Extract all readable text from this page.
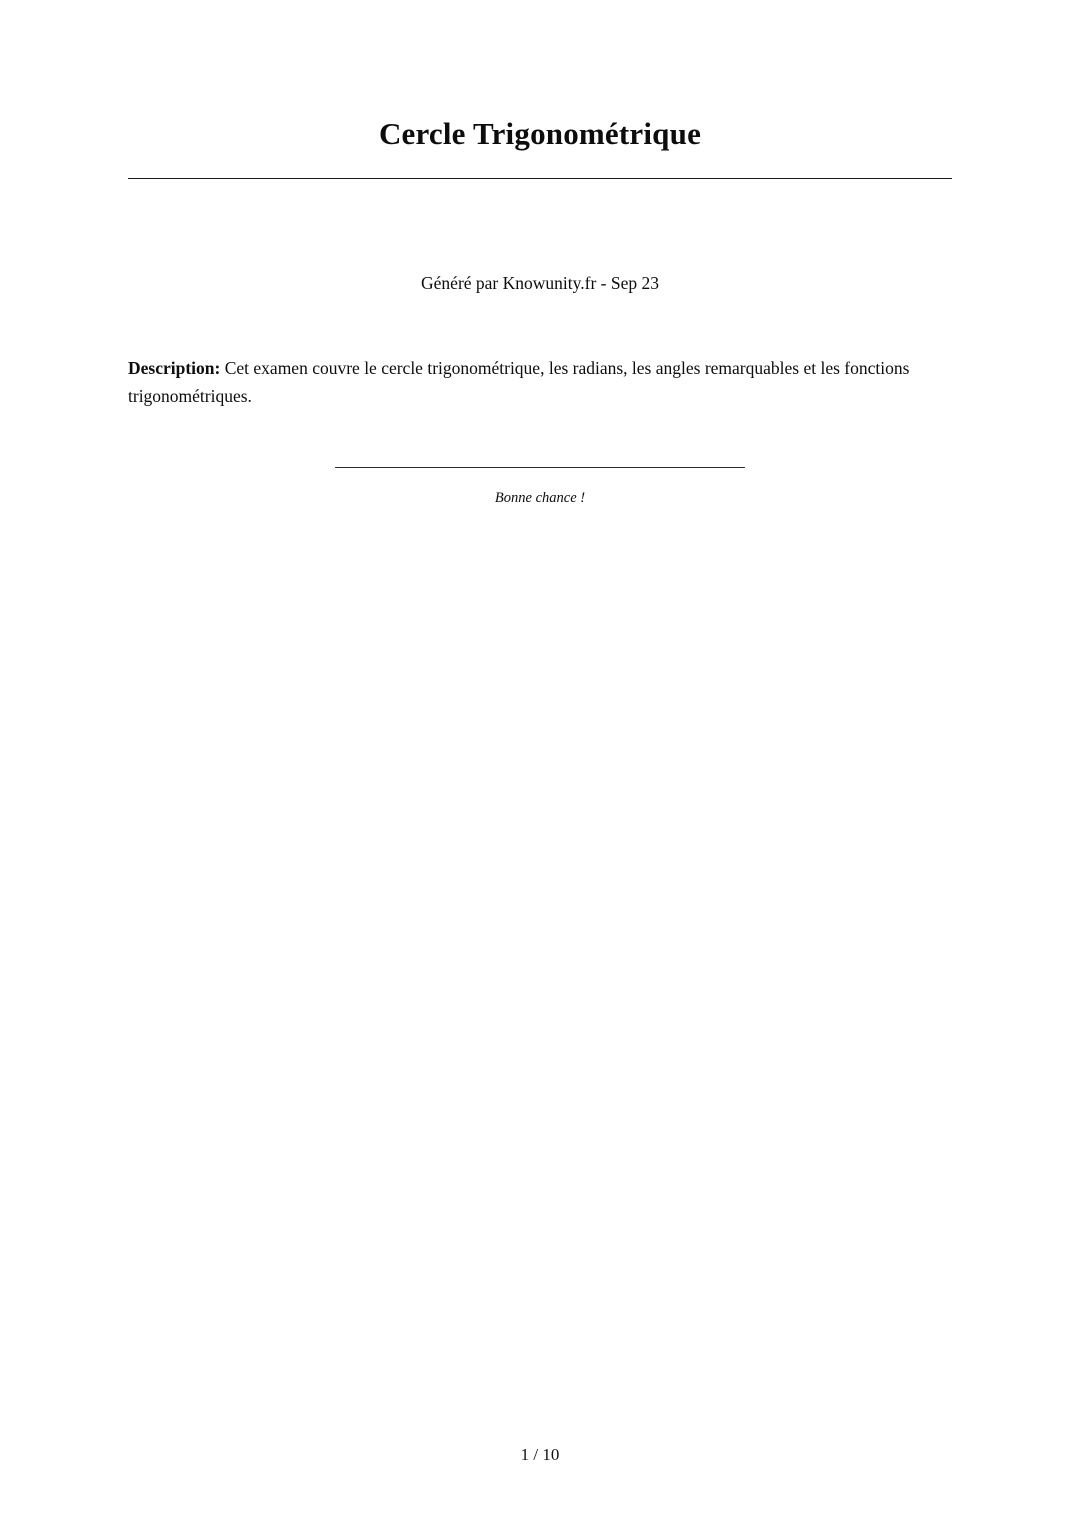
Cercle Trigonométrique

Généré par Knowunity.fr - Sep 23

Description: Cet examen couvre le cercle trigonométrique, les radians, les angles remarquables et les fonctions trigonométriques.

Bonne chance !

1 / 10
